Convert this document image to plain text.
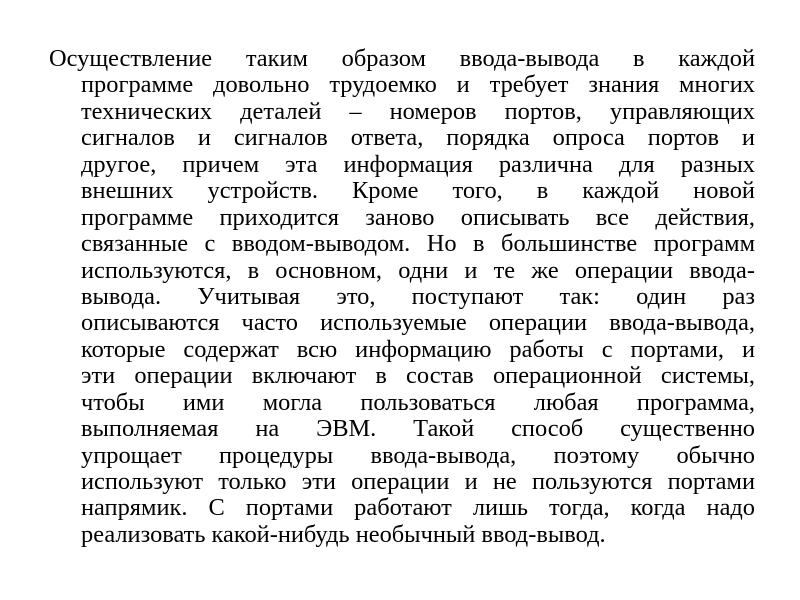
Осуществление таким образом ввода-вывода в каждой
программе довольно трудоемко и требует знания многих
технических деталей – номеров портов, управляющих
сигналов и сигналов ответа, порядка опроса портов и
другое, причем эта информация различна для разных
внешних устройств. Кроме того, в каждой новой
программе приходится заново описывать все действия,
связанные с вводом-выводом. Но в большинстве программ
используются, в основном, одни и те же операции ввода-
вывода. Учитывая это, поступают так: один раз
описываются часто используемые операции ввода-вывода,
которые содержат всю информацию работы с портами, и
эти операции включают в состав операционной системы,
чтобы ими могла пользоваться любая программа,
выполняемая на ЭВМ. Такой способ существенно
упрощает процедуры ввода-вывода, поэтому обычно
используют только эти операции и не пользуются портами
напрямик. С портами работают лишь тогда, когда надо
реализовать какой-нибудь необычный ввод-вывод.
